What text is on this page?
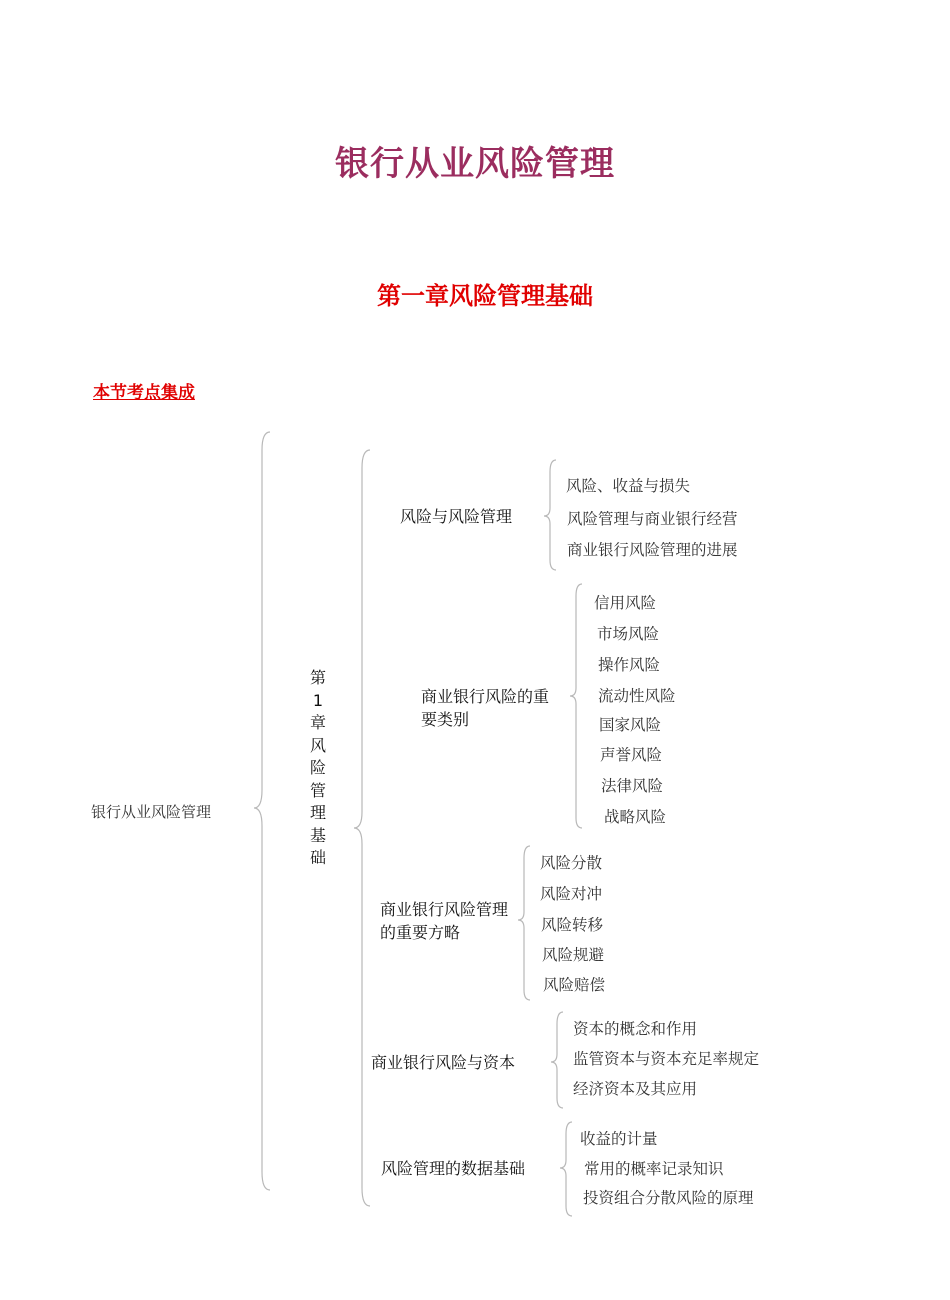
银行从业风险管理
第一章风险管理基础
本节考点集成
银行从业风险管理
第1章风险管理基础
风险与风险管理
风险、收益与损失
风险管理与商业银行经营
商业银行风险管理的进展
商业银行风险的重要类别
信用风险
市场风险
操作风险
流动性风险
国家风险
声誉风险
法律风险
战略风险
商业银行风险管理的重要方略
风险分散
风险对冲
风险转移
风险规避
风险赔偿
商业银行风险与资本
资本的概念和作用
监管资本与资本充足率规定
经济资本及其应用
风险管理的数据基础
收益的计量
常用的概率记录知识
投资组合分散风险的原理
